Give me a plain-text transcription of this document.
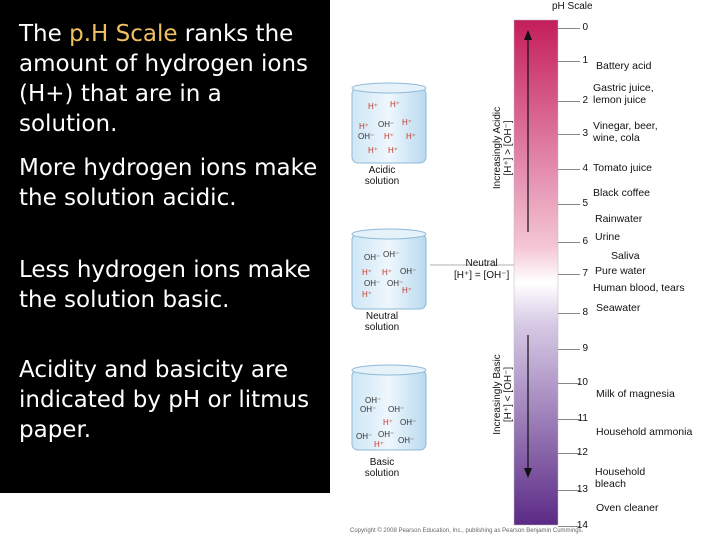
The p.H Scale ranks the amount of hydrogen ions (H+) that are in a solution.

More hydrogen ions make the solution acidic.

Less hydrogen ions make the solution basic.

Acidity and basicity are indicated by pH or litmus paper.

H⁺ H⁺
H⁺ OH⁻ H⁺
OH⁻ H⁺ H⁺
H⁺ H⁺
OH⁻ OH⁻
H⁺ H⁺ OH⁻
OH⁻ OH⁻
H⁺	H⁺
OH⁻
OH⁻ OH⁻
H⁺ OH⁻
OH⁻ OH⁻
OH⁻
H⁺
Acidic
solution
Neutral
solution
Basic
solution
Neutral
[H⁺] = [OH⁻]
Increasingly Acidic [H⁺] > [OH⁻]
Increasingly Basic [H⁺] < [OH⁻]
pH Scale
0
1
2
3
4
5
6
7
8
9
10
11
12
13
14
Battery acid
Gastric juice,
lemon juice
Vinegar, beer,
wine, cola
Tomato juice
Black coffee
Rainwater
Urine
Saliva
Pure water
Human blood, tears
Seawater
Milk of magnesia
Household ammonia
Household
bleach
Oven cleaner
Copyright © 2008 Pearson Education, Inc., publishing as Pearson Benjamin Cummings.
